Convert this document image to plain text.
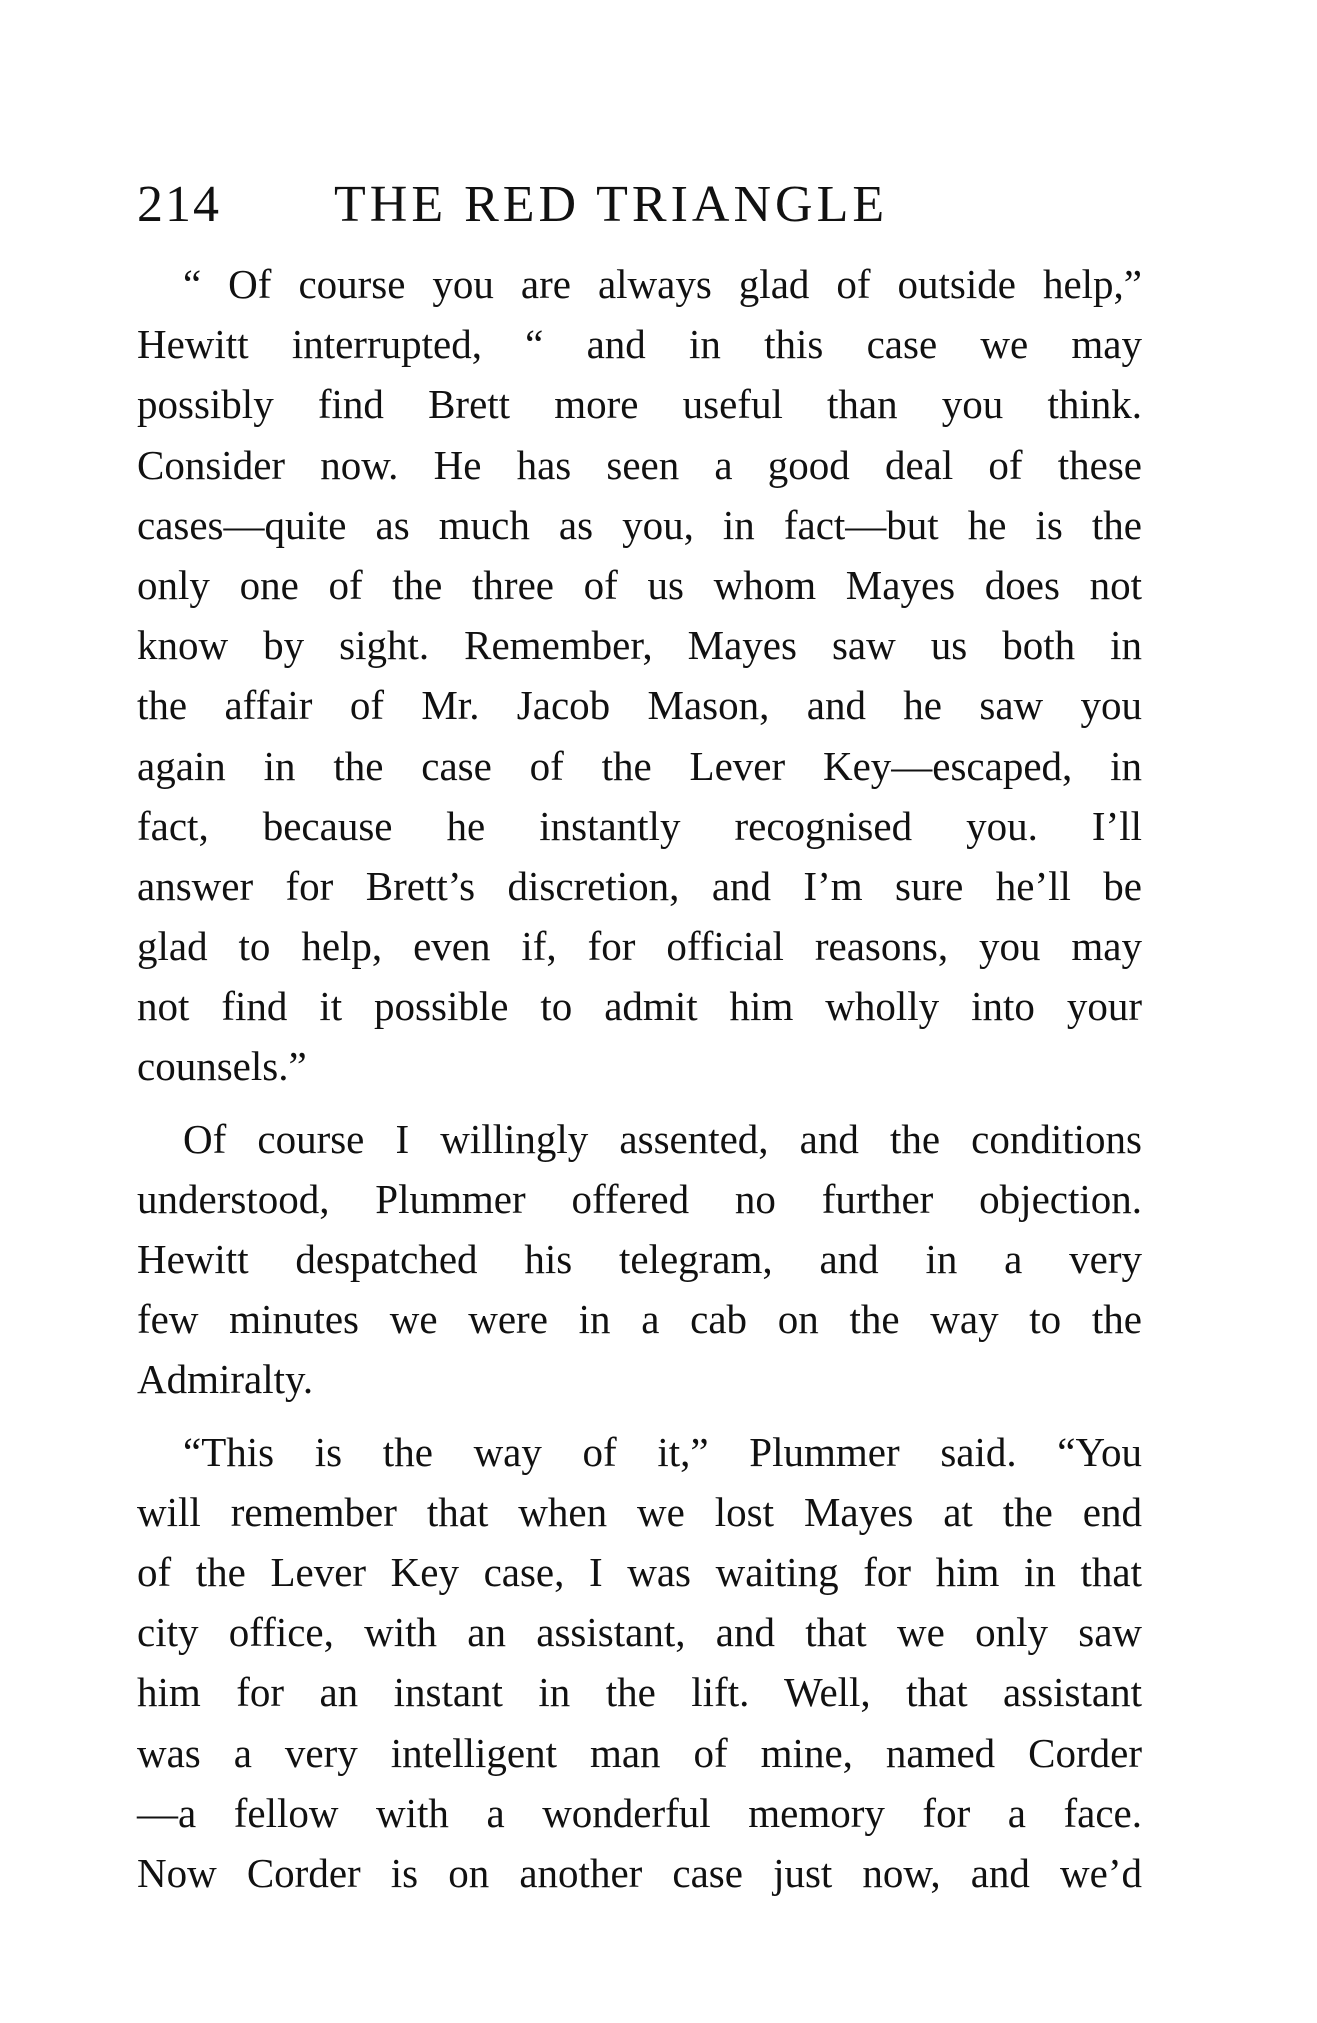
214 THE RED TRIANGLE
“ Of course you are always glad of outside help,”
Hewitt interrupted, “ and in this case we may
possibly find Brett more useful than you think.
Consider now. He has seen a good deal of these
cases—quite as much as you, in fact—but he is the
only one of the three of us whom Mayes does not
know by sight. Remember, Mayes saw us both in
the affair of Mr. Jacob Mason, and he saw you
again in the case of the Lever Key—escaped, in
fact, because he instantly recognised you. I’ll
answer for Brett’s discretion, and I’m sure he’ll be
glad to help, even if, for official reasons, you may
not find it possible to admit him wholly into your
counsels.”
Of course I willingly assented, and the conditions
understood, Plummer offered no further objection.
Hewitt despatched his telegram, and in a very
few minutes we were in a cab on the way to the
Admiralty.
“This is the way of it,” Plummer said. “You
will remember that when we lost Mayes at the end
of the Lever Key case, I was waiting for him in that
city office, with an assistant, and that we only saw
him for an instant in the lift. Well, that assistant
was a very intelligent man of mine, named Corder
—a fellow with a wonderful memory for a face.
Now Corder is on another case just now, and we’d
